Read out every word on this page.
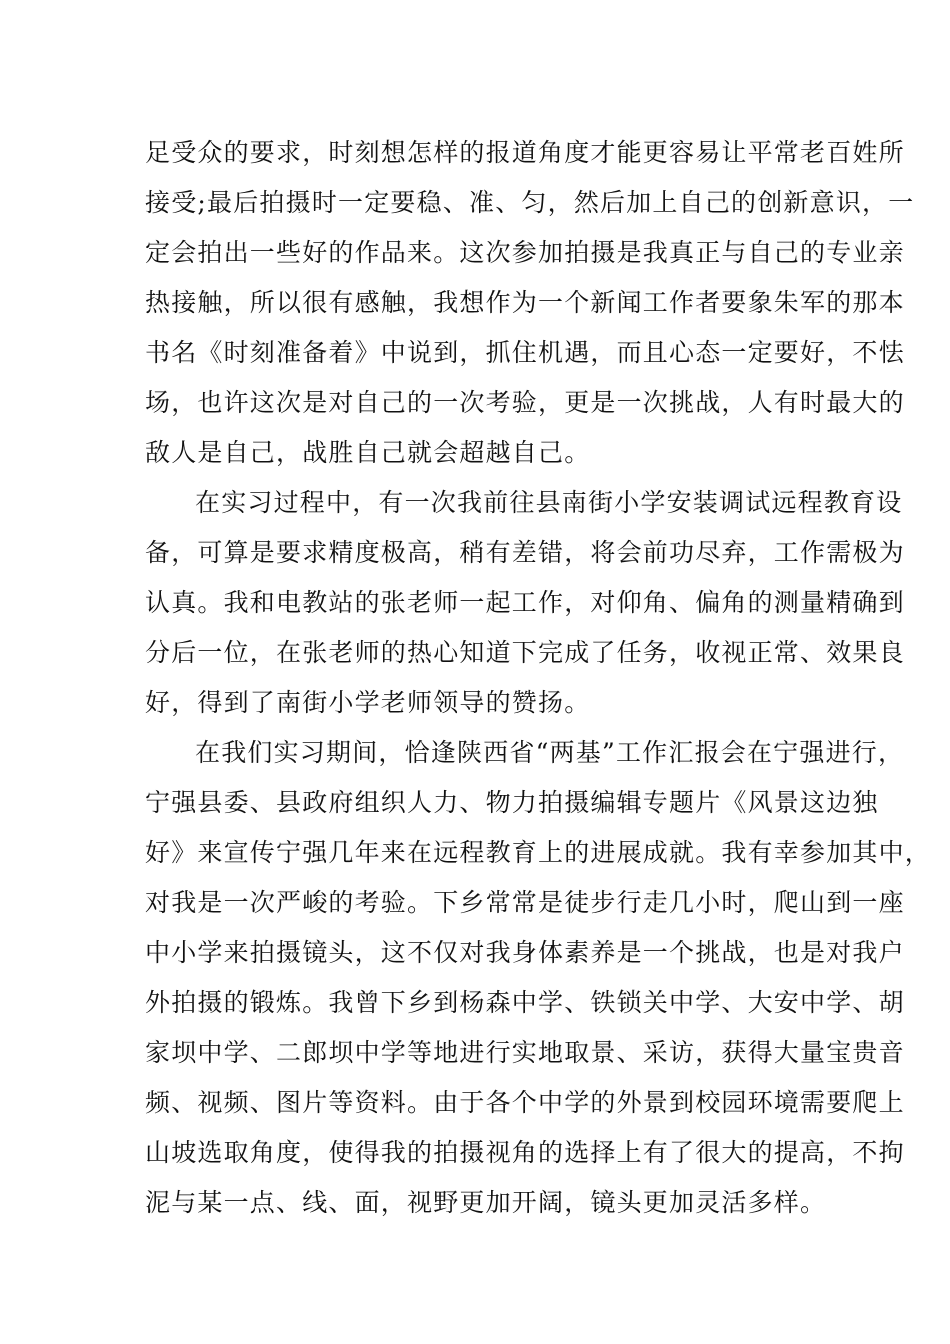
足受众的要求，时刻想怎样的报道角度才能更容易让平常老百姓所
接受;最后拍摄时一定要稳、准、匀，然后加上自己的创新意识，一
定会拍出一些好的作品来。这次参加拍摄是我真正与自己的专业亲
热接触，所以很有感触，我想作为一个新闻工作者要象朱军的那本
书名《时刻准备着》中说到，抓住机遇，而且心态一定要好，不怯
场，也许这次是对自己的一次考验，更是一次挑战，人有时最大的
敌人是自己，战胜自己就会超越自己。
在实习过程中，有一次我前往县南街小学安装调试远程教育设
备，可算是要求精度极高，稍有差错，将会前功尽弃，工作需极为
认真。我和电教站的张老师一起工作，对仰角、偏角的测量精确到
分后一位，在张老师的热心知道下完成了任务，收视正常、效果良
好，得到了南街小学老师领导的赞扬。
在我们实习期间，恰逢陕西省“两基”工作汇报会在宁强进行，
宁强县委、县政府组织人力、物力拍摄编辑专题片《风景这边独
好》来宣传宁强几年来在远程教育上的进展成就。我有幸参加其中，
对我是一次严峻的考验。下乡常常是徒步行走几小时，爬山到一座
中小学来拍摄镜头，这不仅对我身体素养是一个挑战，也是对我户
外拍摄的锻炼。我曾下乡到杨森中学、铁锁关中学、大安中学、胡
家坝中学、二郎坝中学等地进行实地取景、采访，获得大量宝贵音
频、视频、图片等资料。由于各个中学的外景到校园环境需要爬上
山坡选取角度，使得我的拍摄视角的选择上有了很大的提高，不拘
泥与某一点、线、面，视野更加开阔，镜头更加灵活多样。
